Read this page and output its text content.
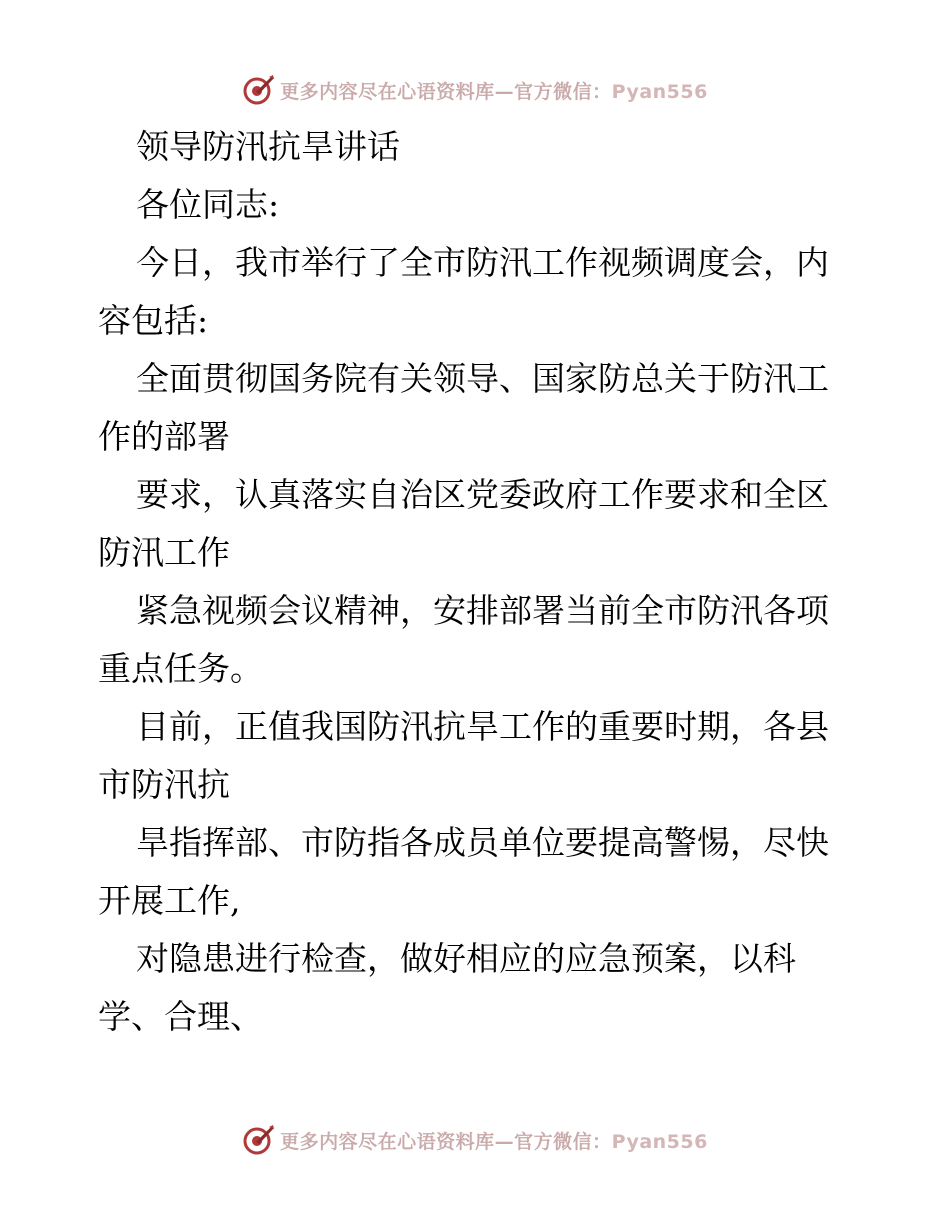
更多内容尽在心语资料库—官方微信：Pyan556
领导防汛抗旱讲话
各位同志:
今日，我市举行了全市防汛工作视频调度会，内
容包括:
全面贯彻国务院有关领导、国家防总关于防汛工
作的部署
要求，认真落实自治区党委政府工作要求和全区
防汛工作
紧急视频会议精神，安排部署当前全市防汛各项
重点任务。
目前，正值我国防汛抗旱工作的重要时期，各县
市防汛抗
旱指挥部、市防指各成员单位要提高警惕，尽快
开展工作,
对隐患进行检查，做好相应的应急预案，以科
学、合理、
更多内容尽在心语资料库—官方微信：Pyan556
